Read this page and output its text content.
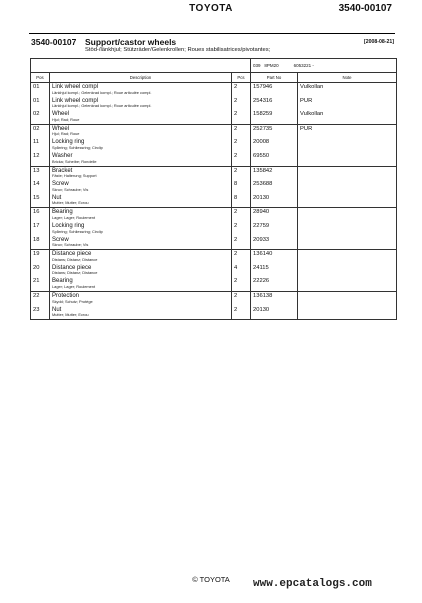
TOYOTA	3540-00107
3540-00107 Support/castor wheels
Stöd-/länkhjul; Stützräder/Gelenkrollen; Roues stabilisatrices/pivotantes;
[2008-08-21]
			039 8PM20 6053221 -	
Pos	Description	Pcs	Part No	Note
01	Link wheel compl
Länkhjul kompl.; Gelenkrad kompl.; Roue articulée compl.	2	157946	Vulkollan
01	Link wheel compl
Länkhjul kompl.; Gelenkrad kompl.; Roue articulée compl.	2	254316	PUR
02	Wheel
Hjul; Rad; Roue	2	158259	Vulkollan
02	Wheel
Hjul; Rad; Roue	2	252735	PUR
11	Locking ring
Spårring; Schliessring; Circlip	2	20008	
12	Washer
Bricka; Scheibe; Rondelle	2	69550	
13	Bracket
Fäste; Halterung; Support	2	135842	
14	Screw
Skruv; Schraube; Vis	8	253688	
15	Nut
Mutter; Mutter; Ecrou	8	20130	
16	Bearing
Lager; Lager; Roulement	2	28940	
17	Locking ring
Spårring; Schliessring; Circlip	2	22759	
18	Screw
Skruv; Schraube; Vis	2	20933	
19	Distance piece
Distans; Distanz; Distance	2	136140	
20	Distance piece
Distans; Distanz; Distance	4	24115	
21	Bearing
Lager; Lager; Roulement	2	22226	
22	Protection
Skydd; Schutz; Protège	2	136138	
23	Nut
Mutter; Mutter; Ecrou	2	20130	
© TOYOTA	www.epcatalogs.com
